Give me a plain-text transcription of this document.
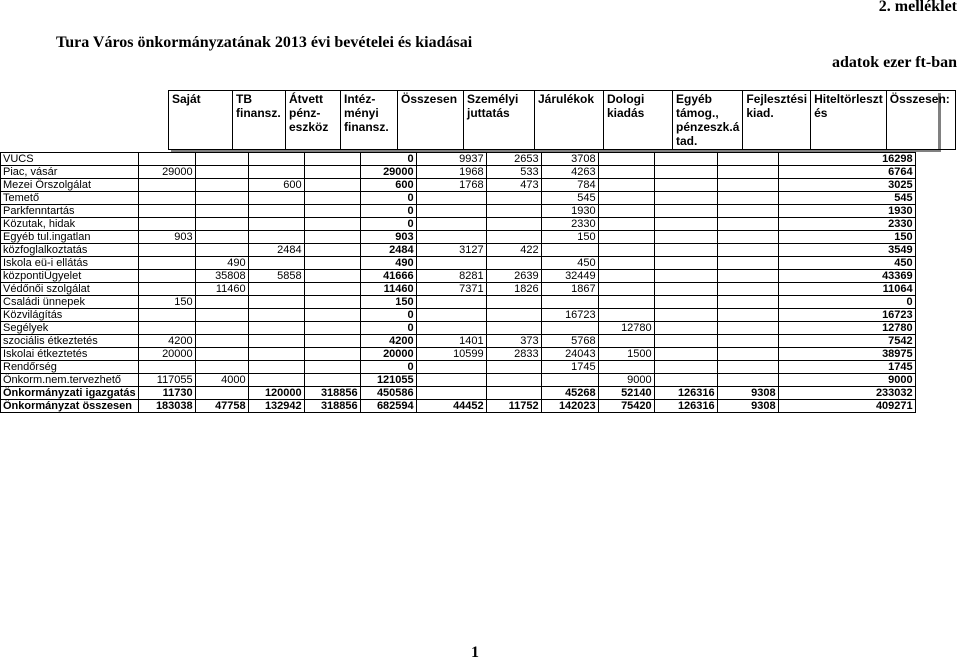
2. melléklet
Tura Város önkormányzatának 2013 évi bevételei és kiadásai
adatok ezer ft-ban
Saját	TB finansz.	Átvett pénz-eszköz	Intéz-ményi finansz.	Összesen	Személyi juttatás	Járulékok	Dologi kiadás	Egyéb támog., pénzeszk.á tad.	Fejlesztési kiad.	Hiteltörleszt és	Összesen:
VUCS					0	9937	2653	3708				16298
Piac, vásár	29000				29000	1968	533	4263				6764
Mezei Őrszolgálat			600		600	1768	473	784				3025
Temető					0			545				545
Parkfenntartás					0			1930				1930
Közutak, hidak					0			2330				2330
Egyéb tul.ingatlan	903				903			150				150
közfoglalkoztatás			2484		2484	3127	422					3549
Iskola eü-i ellátás		490			490			450				450
központiÜgyelet		35808	5858		41666	8281	2639	32449				43369
Védőnői szolgálat		11460			11460	7371	1826	1867				11064
Családi ünnepek	150				150							0
Közvilágítás					0			16723				16723
Segélyek					0				12780			12780
szociális étkeztetés	4200				4200	1401	373	5768				7542
Iskolai étkeztetés	20000				20000	10599	2833	24043	1500			38975
Rendőrség					0			1745				1745
Önkorm.nem.tervezhető	117055	4000			121055				9000			9000
Önkormányzati igazgatás	11730		120000	318856	450586			45268	52140	126316	9308	233032
Önkormányzat összesen	183038	47758	132942	318856	682594	44452	11752	142023	75420	126316	9308	409271
1
